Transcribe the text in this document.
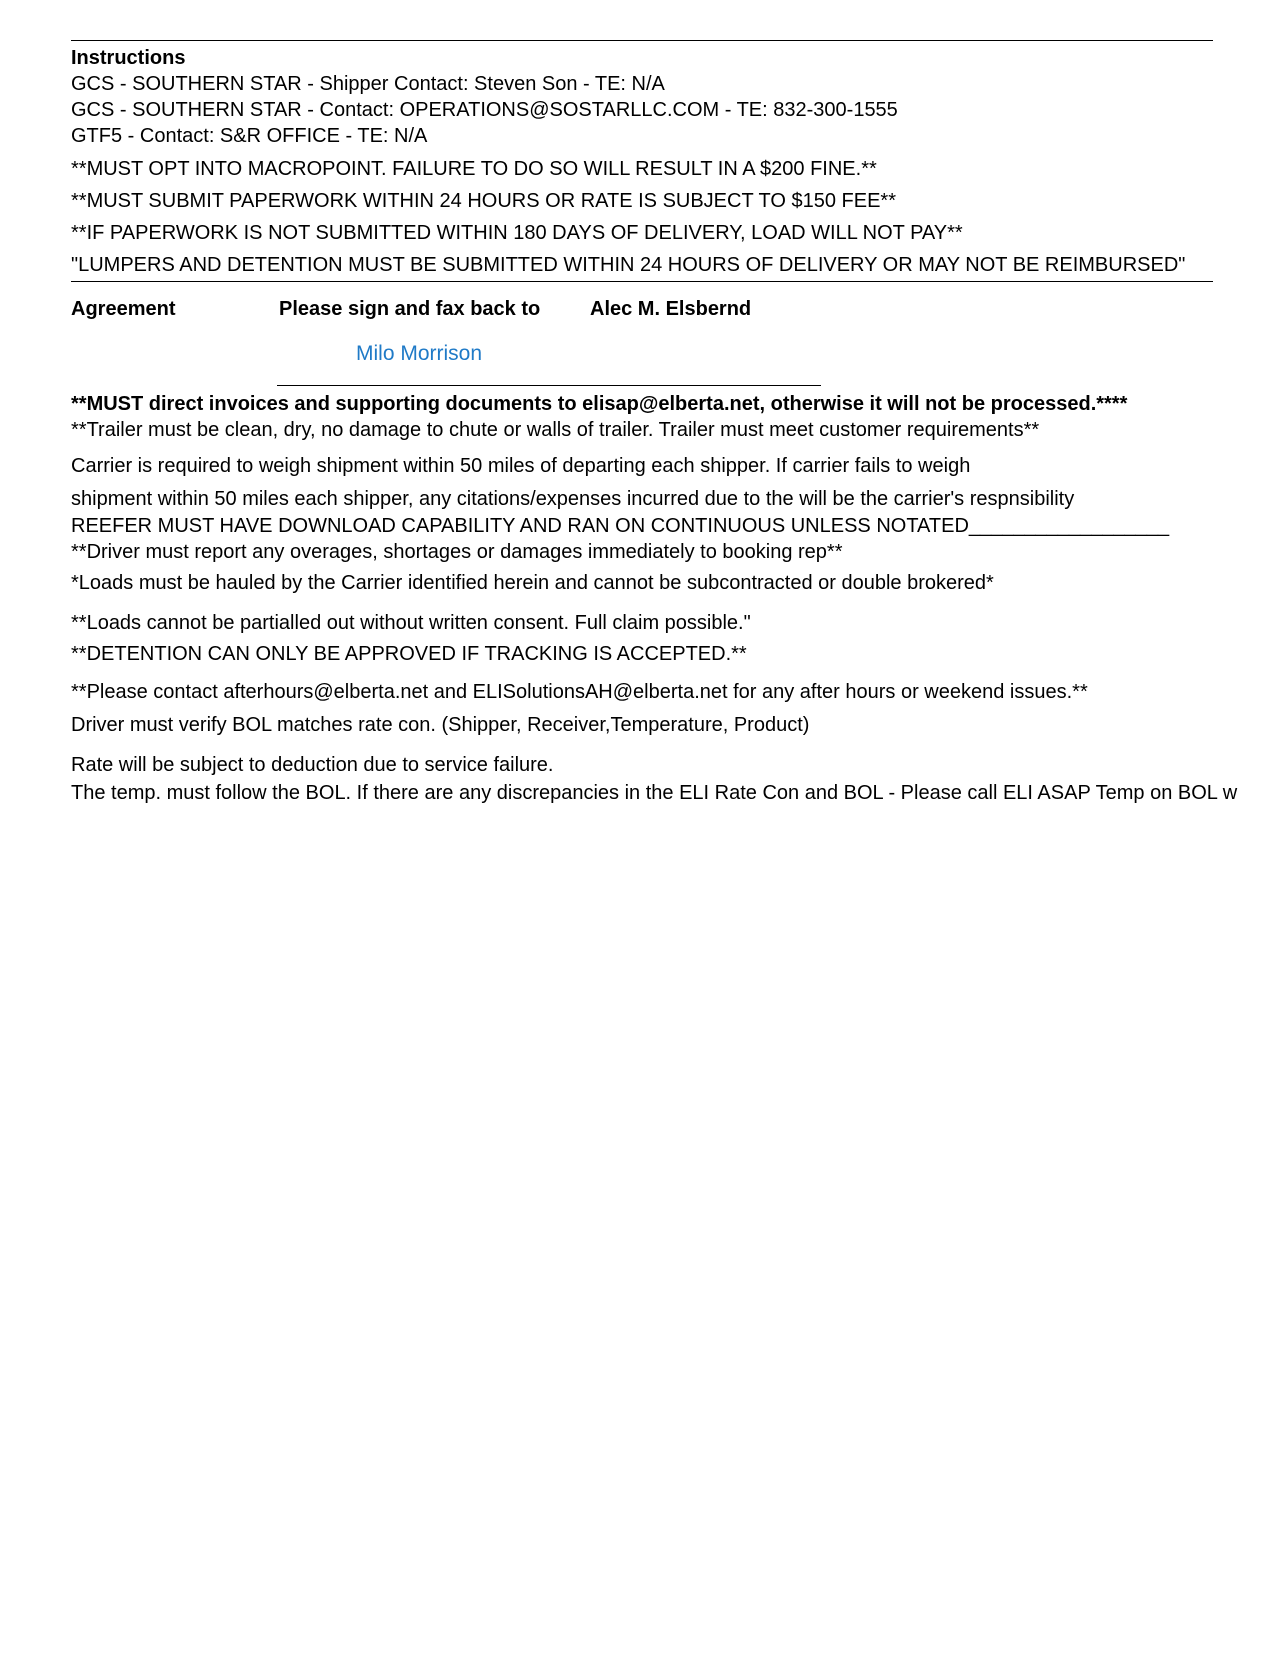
Instructions
GCS - SOUTHERN STAR - Shipper Contact: Steven Son - TE: N/A
GCS - SOUTHERN STAR - Contact: OPERATIONS@SOSTARLLC.COM - TE: 832-300-1555
GTF5 - Contact: S&R OFFICE - TE: N/A
**MUST OPT INTO MACROPOINT. FAILURE TO DO SO WILL RESULT IN A $200 FINE.**
**MUST SUBMIT PAPERWORK WITHIN 24 HOURS OR RATE IS SUBJECT TO $150 FEE**
**IF PAPERWORK IS NOT SUBMITTED WITHIN 180 DAYS OF DELIVERY, LOAD WILL NOT PAY**
"LUMPERS AND DETENTION MUST BE SUBMITTED WITHIN 24 HOURS OF DELIVERY OR MAY NOT BE REIMBURSED"
Agreement	Please sign and fax back to Alec M. Elsbernd
Milo Morrison
**MUST direct invoices and supporting documents to elisap@elberta.net, otherwise it will not be processed.****
**Trailer must be clean, dry, no damage to chute or walls of trailer. Trailer must meet customer requirements**
Carrier is required to weigh shipment within 50 miles of departing each shipper. If carrier fails to weigh
shipment within 50 miles each shipper, any citations/expenses incurred due to the will be the carrier's respnsibility
REEFER MUST HAVE DOWNLOAD CAPABILITY AND RAN ON CONTINUOUS UNLESS NOTATED__________________
**Driver must report any overages, shortages or damages immediately to booking rep**
*Loads must be hauled by the Carrier identified herein and cannot be subcontracted or double brokered*
**Loads cannot be partialled out without written consent. Full claim possible."
**DETENTION CAN ONLY BE APPROVED IF TRACKING IS ACCEPTED.**
**Please contact afterhours@elberta.net and ELISolutionsAH@elberta.net for any after hours or weekend issues.**
Driver must verify BOL matches rate con. (Shipper, Receiver,Temperature, Product)
Rate will be subject to deduction due to service failure.
The temp. must follow the BOL. If there are any discrepancies in the ELI Rate Con and BOL - Please call ELI ASAP Temp on BOL w
